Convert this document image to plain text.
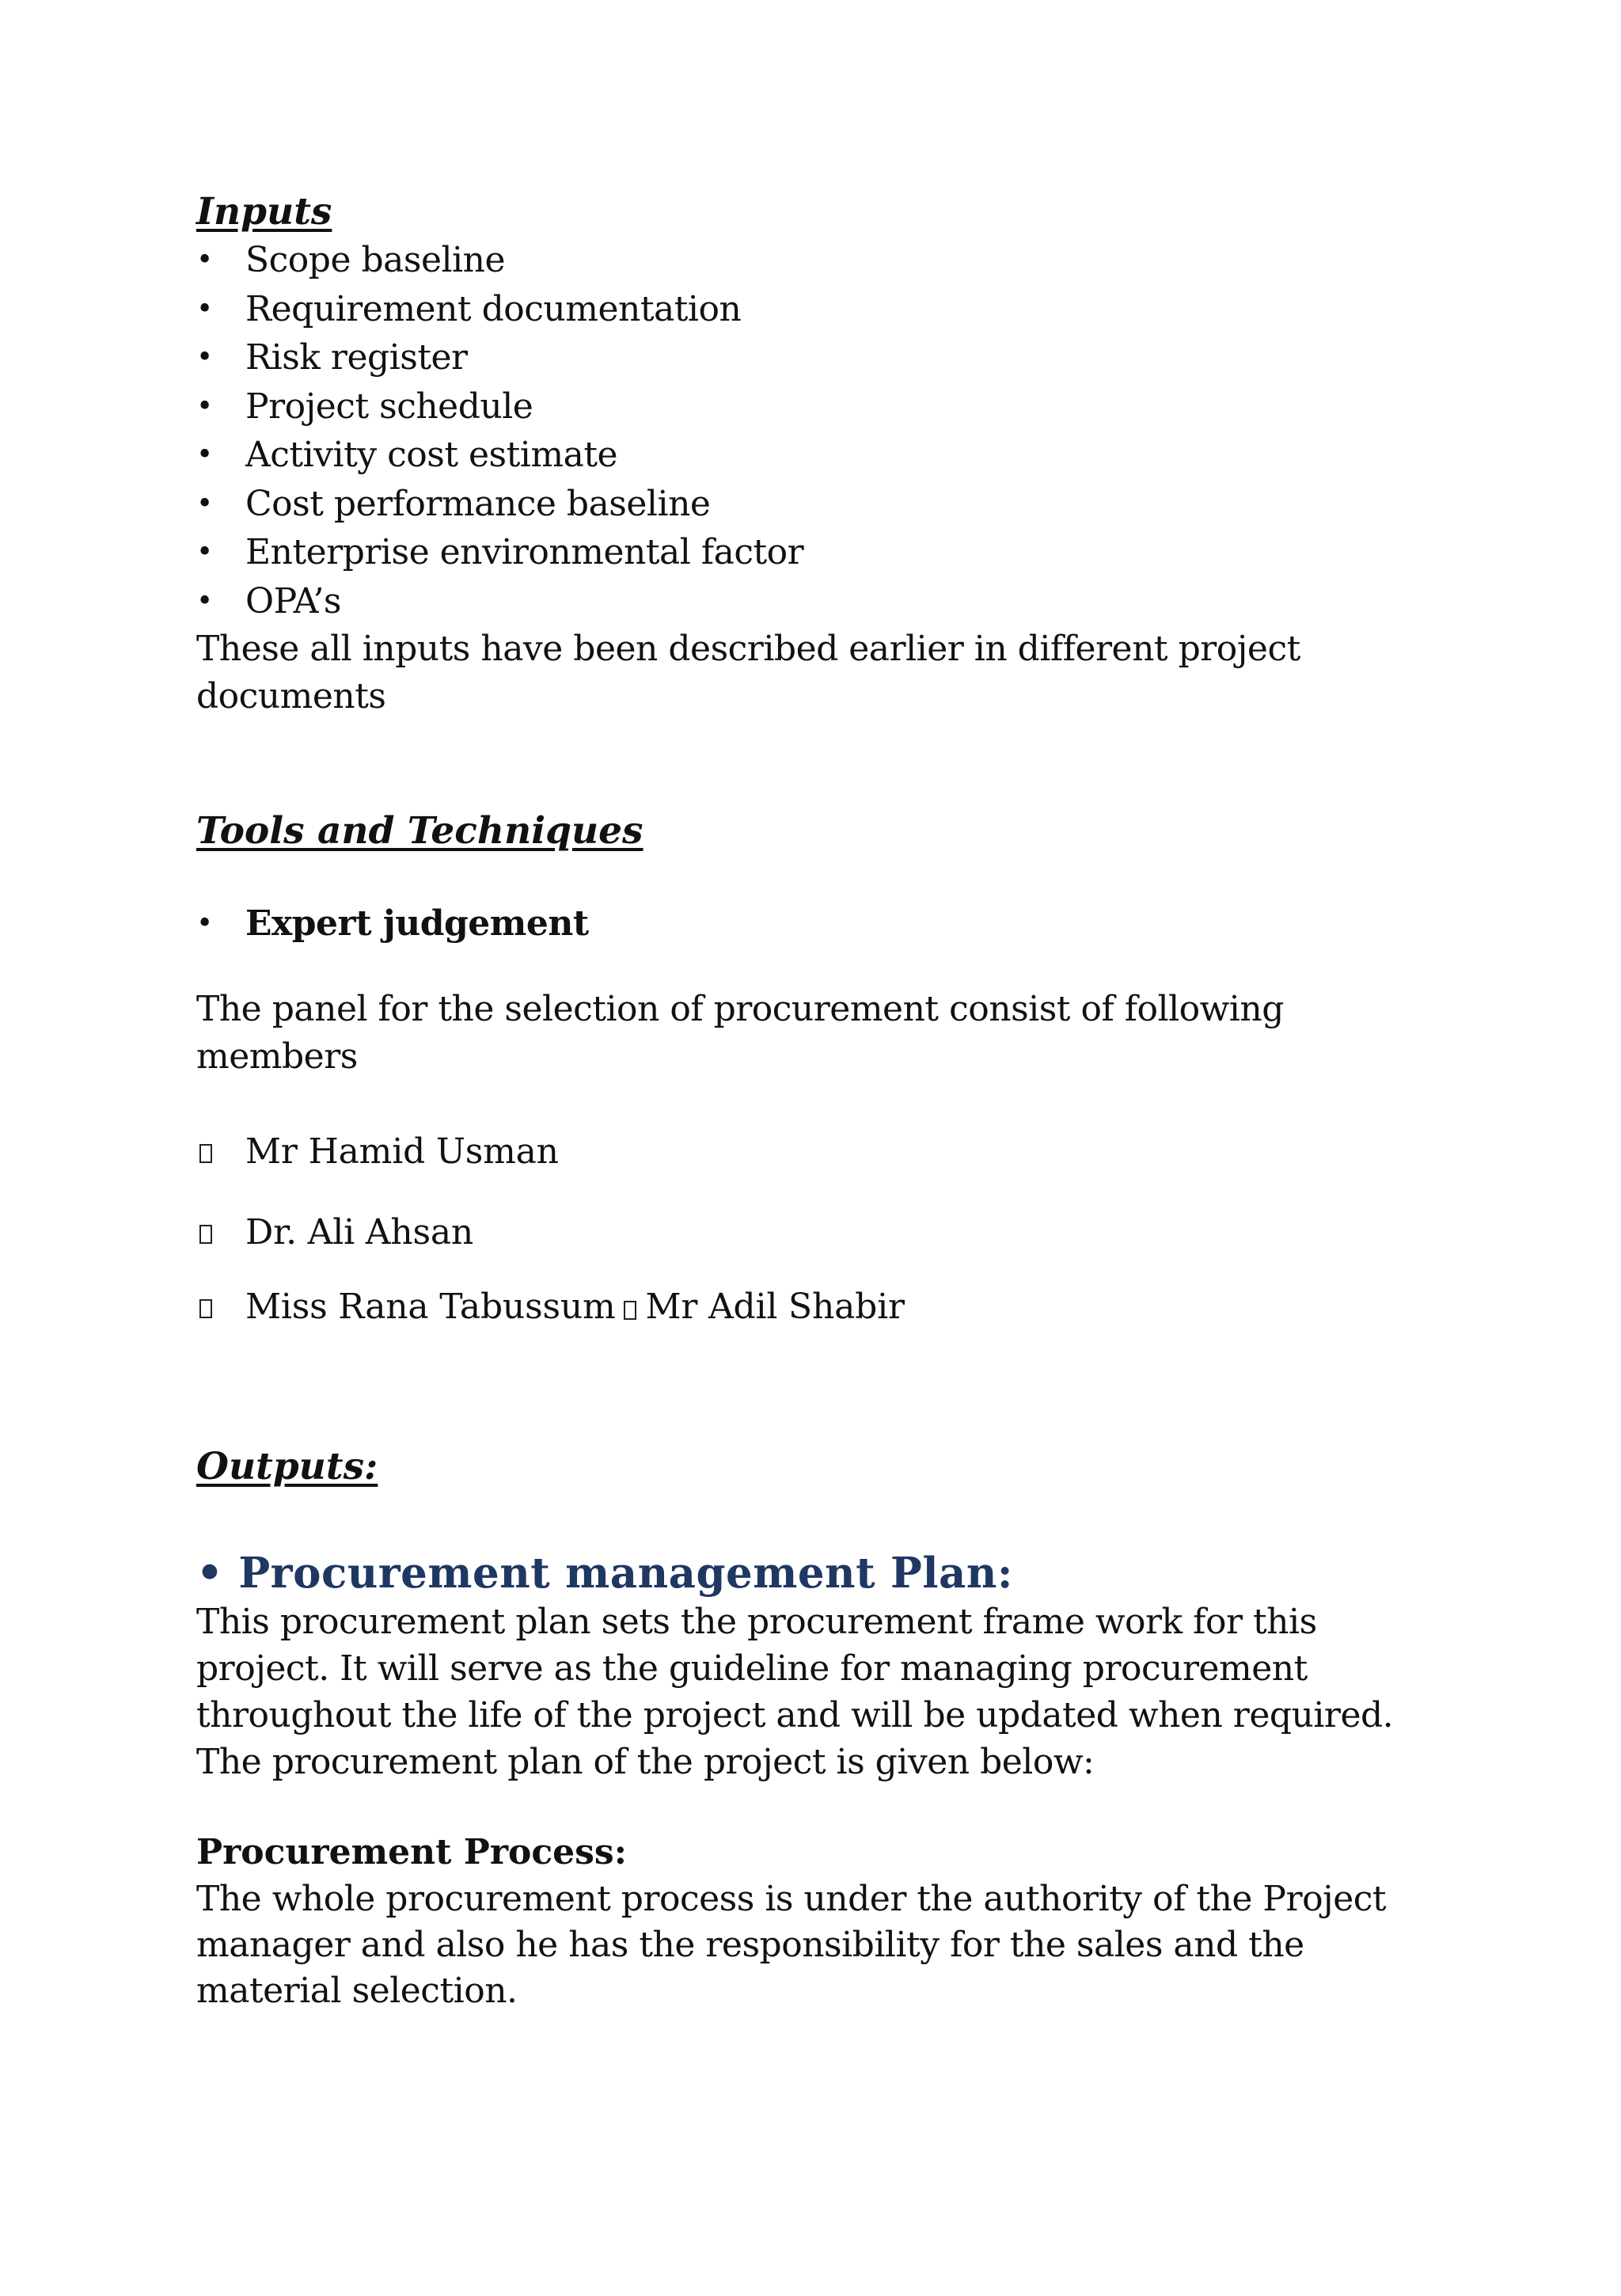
Inputs
• Scope baseline
• Requirement documentation
• Risk register
• Project schedule
• Activity cost estimate
• Cost performance baseline
• Enterprise environmental factor
• OPA’s

These all inputs have been described earlier in different project documents

Tools and Techniques
• Expert judgement

The panel for the selection of procurement consist of following members

Mr Hamid Usman
Dr. Ali Ahsan
Miss Rana Tabussum Mr Adil Shabir
Outputs:
• Procurement management Plan:

This procurement plan sets the procurement frame work for this project. It will serve as the guideline for managing procurement throughout the life of the project and will be updated when required.

The procurement plan of the project is given below:

Procurement Process:

The whole procurement process is under the authority of the Project manager and also he has the responsibility for the sales and the material selection.
